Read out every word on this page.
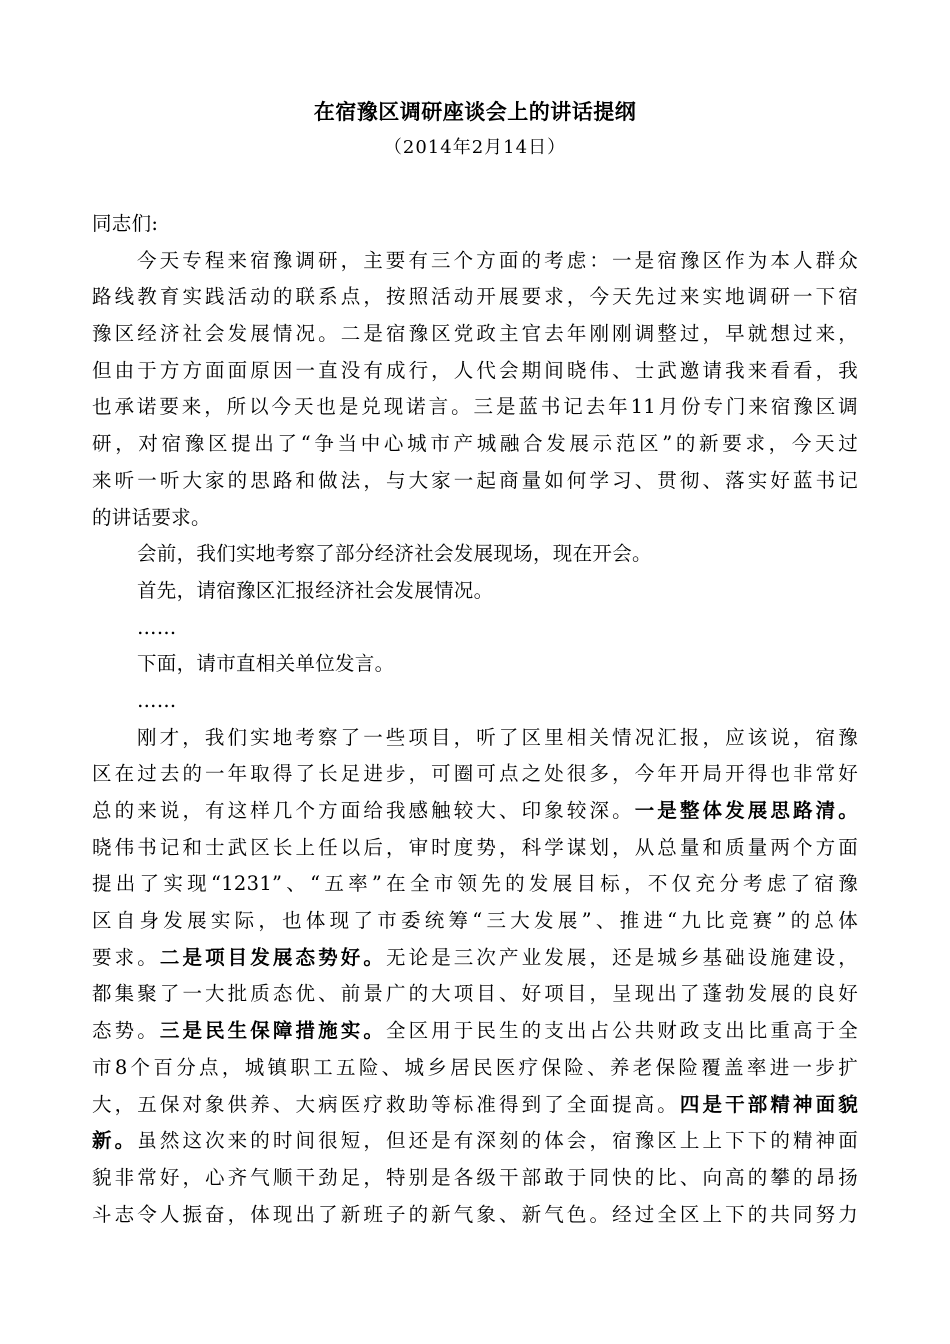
在宿豫区调研座谈会上的讲话提纲
（2014年2月14日）
同志们:
今天专程来宿豫调研，主要有三个方面的考虑：一是宿豫区作为本人群众
路线教育实践活动的联系点，按照活动开展要求，今天先过来实地调研一下宿
豫区经济社会发展情况。二是宿豫区党政主官去年刚刚调整过，早就想过来，
但由于方方面面原因一直没有成行，人代会期间晓伟、士武邀请我来看看，我
也承诺要来，所以今天也是兑现诺言。三是蓝书记去年11月份专门来宿豫区调
研，对宿豫区提出了“争当中心城市产城融合发展示范区”的新要求，今天过
来听一听大家的思路和做法，与大家一起商量如何学习、贯彻、落实好蓝书记
的讲话要求。
会前，我们实地考察了部分经济社会发展现场，现在开会。
首先，请宿豫区汇报经济社会发展情况。
……
下面，请市直相关单位发言。
……
刚才，我们实地考察了一些项目，听了区里相关情况汇报，应该说，宿豫
区在过去的一年取得了长足进步，可圈可点之处很多，今年开局开得也非常好
总的来说，有这样几个方面给我感触较大、印象较深。一是整体发展思路清。
晓伟书记和士武区长上任以后，审时度势，科学谋划，从总量和质量两个方面
提出了实现“1231”、“五率”在全市领先的发展目标，不仅充分考虑了宿豫
区自身发展实际，也体现了市委统筹“三大发展”、推进“九比竞赛”的总体
要求。二是项目发展态势好。无论是三次产业发展，还是城乡基础设施建设，
都集聚了一大批质态优、前景广的大项目、好项目，呈现出了蓬勃发展的良好
态势。三是民生保障措施实。全区用于民生的支出占公共财政支出比重高于全
市8个百分点，城镇职工五险、城乡居民医疗保险、养老保险覆盖率进一步扩
大，五保对象供养、大病医疗救助等标准得到了全面提高。四是干部精神面貌
新。虽然这次来的时间很短，但还是有深刻的体会，宿豫区上上下下的精神面
貌非常好，心齐气顺干劲足，特别是各级干部敢于同快的比、向高的攀的昂扬
斗志令人振奋，体现出了新班子的新气象、新气色。经过全区上下的共同努力
